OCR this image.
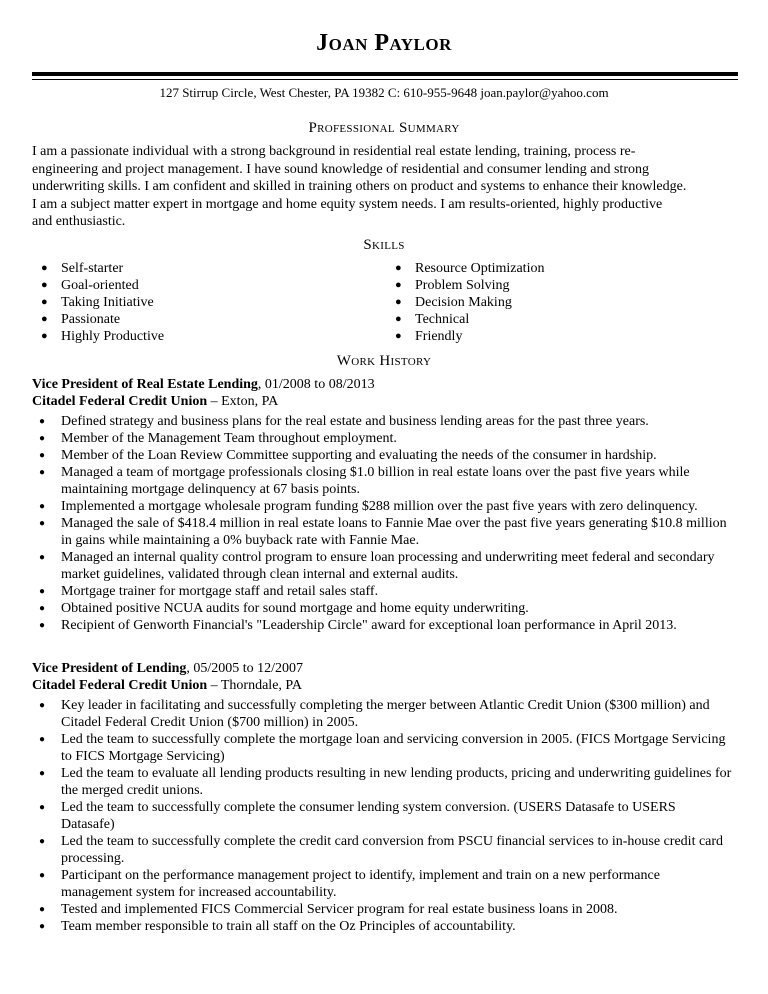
Joan Paylor
127 Stirrup Circle, West Chester, PA 19382 C: 610-955-9648 joan.paylor@yahoo.com
Professional Summary
I am a passionate individual with a strong background in residential real estate lending, training, process re-
engineering and project management. I have sound knowledge of residential and consumer lending and strong
underwriting skills. I am confident and skilled in training others on product and systems to enhance their knowledge.
I am a subject matter expert in mortgage and home equity system needs. I am results-oriented, highly productive
and enthusiastic.
Skills
● Self-starter
● Goal-oriented
● Taking Initiative
● Passionate
● Highly Productive
● Resource Optimization
● Problem Solving
● Decision Making
● Technical
● Friendly
Work History
Vice President of Real Estate Lending, 01/2008 to 08/2013
Citadel Federal Credit Union – Exton, PA
● Defined strategy and business plans for the real estate and business lending areas for the past three years.
● Member of the Management Team throughout employment.
● Member of the Loan Review Committee supporting and evaluating the needs of the consumer in hardship.
● Managed a team of mortgage professionals closing $1.0 billion in real estate loans over the past five years while maintaining mortgage delinquency at 67 basis points.
● Implemented a mortgage wholesale program funding $288 million over the past five years with zero delinquency.
● Managed the sale of $418.4 million in real estate loans to Fannie Mae over the past five years generating $10.8 million in gains while maintaining a 0% buyback rate with Fannie Mae.
● Managed an internal quality control program to ensure loan processing and underwriting meet federal and secondary market guidelines, validated through clean internal and external audits.
● Mortgage trainer for mortgage staff and retail sales staff.
● Obtained positive NCUA audits for sound mortgage and home equity underwriting.
● Recipient of Genworth Financial's "Leadership Circle" award for exceptional loan performance in April 2013.
Vice President of Lending, 05/2005 to 12/2007
Citadel Federal Credit Union – Thorndale, PA
● Key leader in facilitating and successfully completing the merger between Atlantic Credit Union ($300 million) and Citadel Federal Credit Union ($700 million) in 2005.
● Led the team to successfully complete the mortgage loan and servicing conversion in 2005. (FICS Mortgage Servicing to FICS Mortgage Servicing)
● Led the team to evaluate all lending products resulting in new lending products, pricing and underwriting guidelines for the merged credit unions.
● Led the team to successfully complete the consumer lending system conversion. (USERS Datasafe to USERS Datasafe)
● Led the team to successfully complete the credit card conversion from PSCU financial services to in-house credit card processing.
● Participant on the performance management project to identify, implement and train on a new performance management system for increased accountability.
● Tested and implemented FICS Commercial Servicer program for real estate business loans in 2008.
● Team member responsible to train all staff on the Oz Principles of accountability.
